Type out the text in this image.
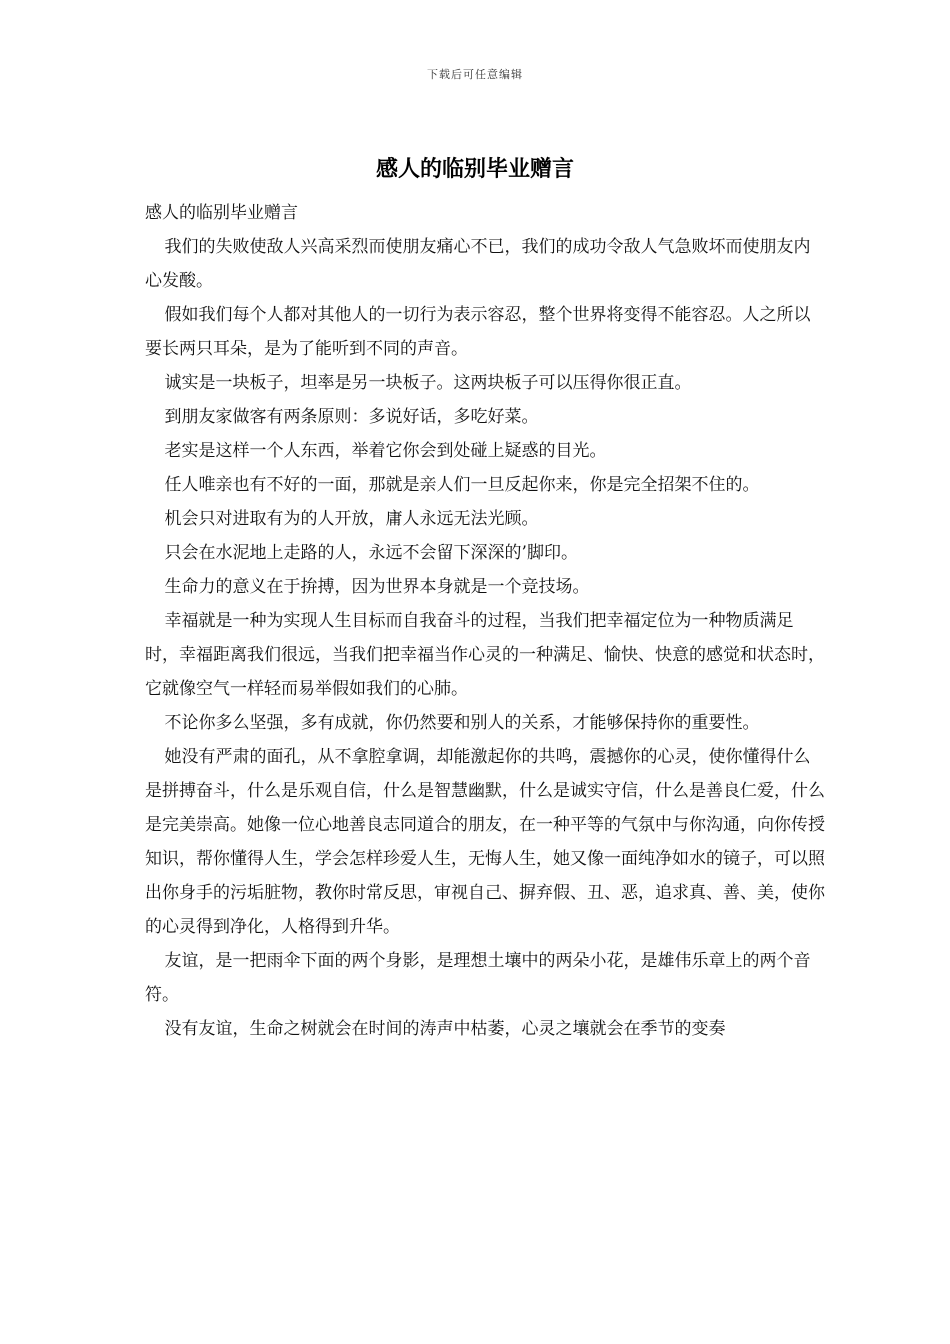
下载后可任意编辑
感人的临别毕业赠言

感人的临别毕业赠言

我们的失败使敌人兴高采烈而使朋友痛心不已，我们的成功令敌人气急败坏而使朋友内心发酸。

假如我们每个人都对其他人的一切行为表示容忍，整个世界将变得不能容忍。人之所以要长两只耳朵，是为了能听到不同的声音。

诚实是一块板子，坦率是另一块板子。这两块板子可以压得你很正直。

到朋友家做客有两条原则：多说好话，多吃好菜。

老实是这样一个人东西，举着它你会到处碰上疑惑的目光。

任人唯亲也有不好的一面，那就是亲人们一旦反起你来，你是完全招架不住的。

机会只对进取有为的人开放，庸人永远无法光顾。

只会在水泥地上走路的人，永远不会留下深深的’脚印。

生命力的意义在于拚搏，因为世界本身就是一个竞技场。

幸福就是一种为实现人生目标而自我奋斗的过程，当我们把幸福定位为一种物质满足时，幸福距离我们很远，当我们把幸福当作心灵的一种满足、愉快、快意的感觉和状态时，它就像空气一样轻而易举假如我们的心肺。

不论你多么坚强，多有成就，你仍然要和别人的关系，才能够保持你的重要性。

她没有严肃的面孔，从不拿腔拿调，却能激起你的共鸣，震撼你的心灵，使你懂得什么是拼搏奋斗，什么是乐观自信，什么是智慧幽默，什么是诚实守信，什么是善良仁爱，什么是完美崇高。她像一位心地善良志同道合的朋友，在一种平等的气氛中与你沟通，向你传授知识，帮你懂得人生，学会怎样珍爱人生，无悔人生，她又像一面纯净如水的镜子，可以照出你身手的污垢脏物，教你时常反思，审视自己、摒弃假、丑、恶，追求真、善、美，使你的心灵得到净化，人格得到升华。

友谊，是一把雨伞下面的两个身影，是理想土壤中的两朵小花，是雄伟乐章上的两个音符。

没有友谊，生命之树就会在时间的涛声中枯萎，心灵之壤就会在季节的变奏
